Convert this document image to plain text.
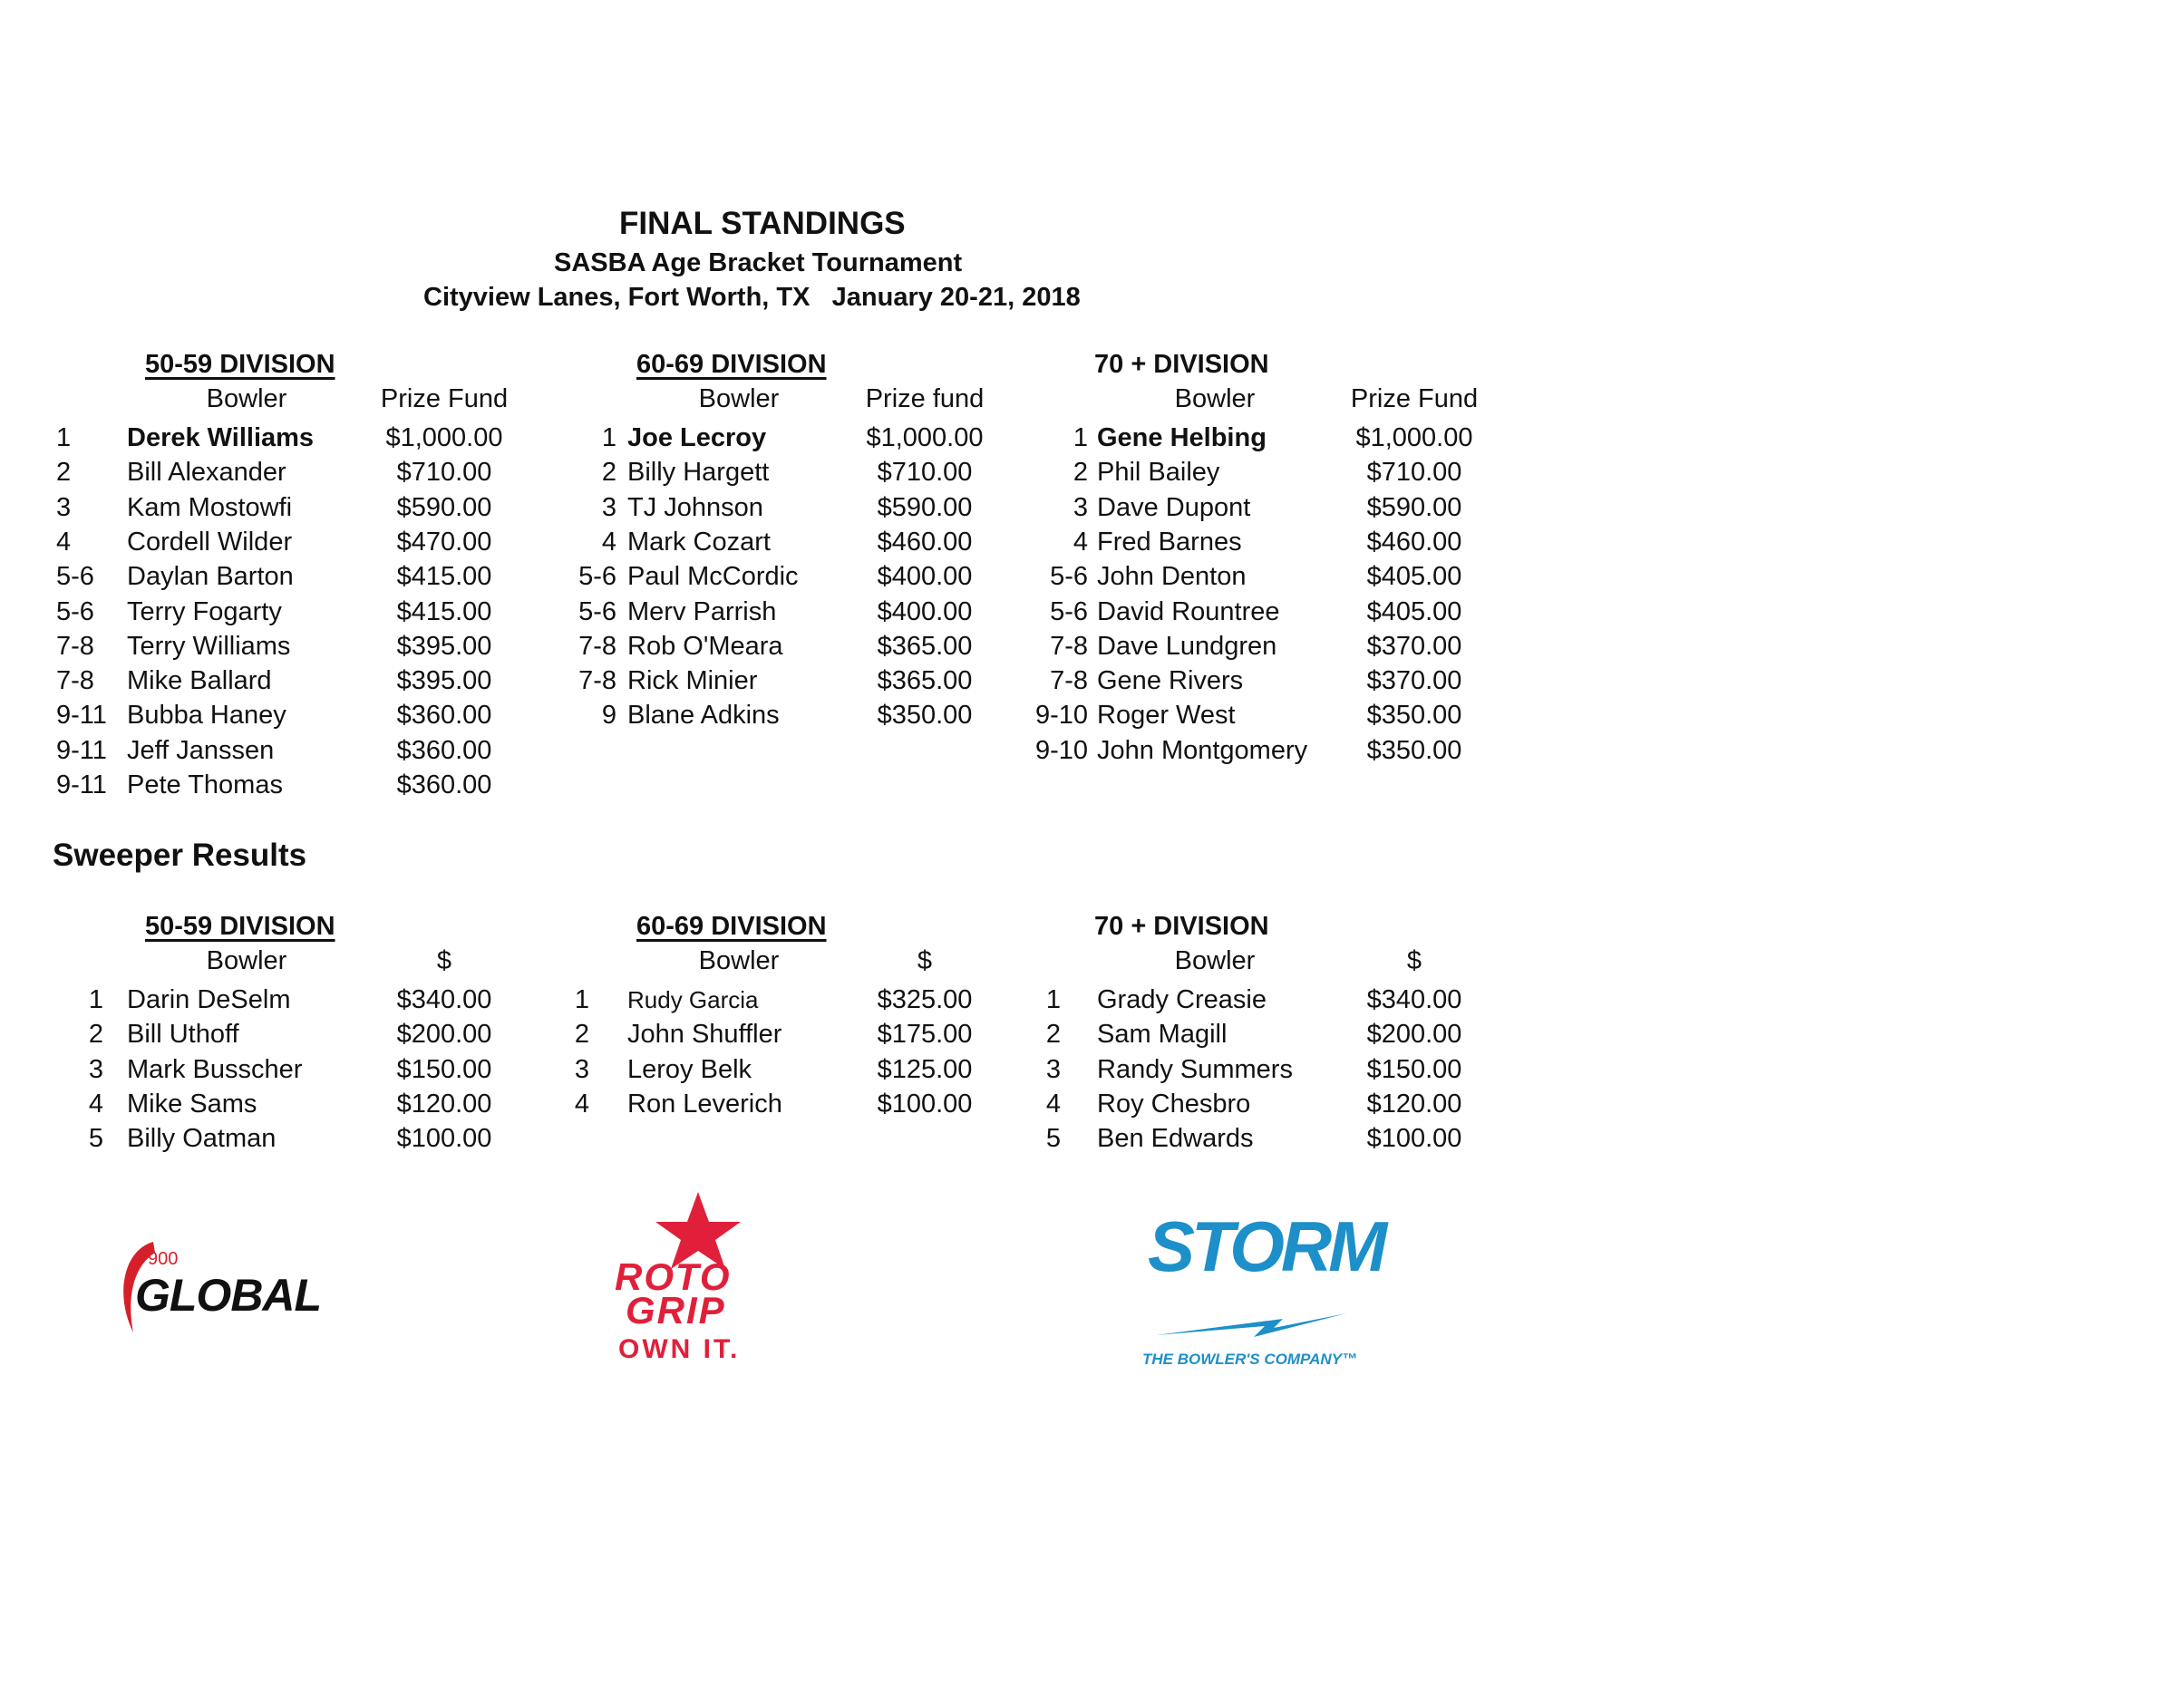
FINAL STANDINGS
SASBA Age Bracket Tournament
Cityview Lanes, Fort Worth, TX   January 20-21, 2018
50-59 DIVISION
Bowler	Prize Fund
1	Derek Williams	$1,000.00
2	Bill Alexander	$710.00
3	Kam Mostowfi	$590.00
4	Cordell Wilder	$470.00
5-6	Daylan Barton	$415.00
5-6	Terry Fogarty	$415.00
7-8	Terry Williams	$395.00
7-8	Mike Ballard	$395.00
9-11 Bubba Haney	$360.00
9-11 Jeff Janssen	$360.00
9-11 Pete Thomas	$360.00
60-69 DIVISION
Bowler	Prize fund
1 Joe Lecroy	$1,000.00
2 Billy Hargett	$710.00
3 TJ Johnson	$590.00
4 Mark Cozart	$460.00
5-6 Paul McCordic	$400.00
5-6 Merv Parrish	$400.00
7-8 Rob O'Meara	$365.00
7-8 Rick Minier	$365.00
9 Blane Adkins	$350.00
70 + DIVISION
Bowler	Prize Fund
1 Gene Helbing	$1,000.00
2 Phil Bailey	$710.00
3 Dave Dupont	$590.00
4 Fred Barnes	$460.00
5-6 John Denton	$405.00
5-6 David Rountree	$405.00
7-8 Dave Lundgren	$370.00
7-8 Gene Rivers	$370.00
9-10 Roger West	$350.00
9-10 John Montgomery	$350.00
Sweeper Results
50-59 DIVISION
Bowler	$
1 Darin DeSelm	$340.00
2 Bill Uthoff	$200.00
3 Mark Busscher	$150.00
4 Mike Sams	$120.00
5 Billy Oatman	$100.00
60-69 DIVISION
Bowler	$
1 Rudy Garcia	$325.00
2 John Shuffler	$175.00
3 Leroy Belk	$125.00
4 Ron Leverich	$100.00
70 + DIVISION
Bowler	$
1 Grady Creasie	$340.00
2 Sam Magill	$200.00
3 Randy Summers	$150.00
4 Roy Chesbro	$120.00
5 Ben Edwards	$100.00
900
GLOBAL	ROTO
GRIP
OWN IT.
STORM
THE BOWLER'S COMPANY™
